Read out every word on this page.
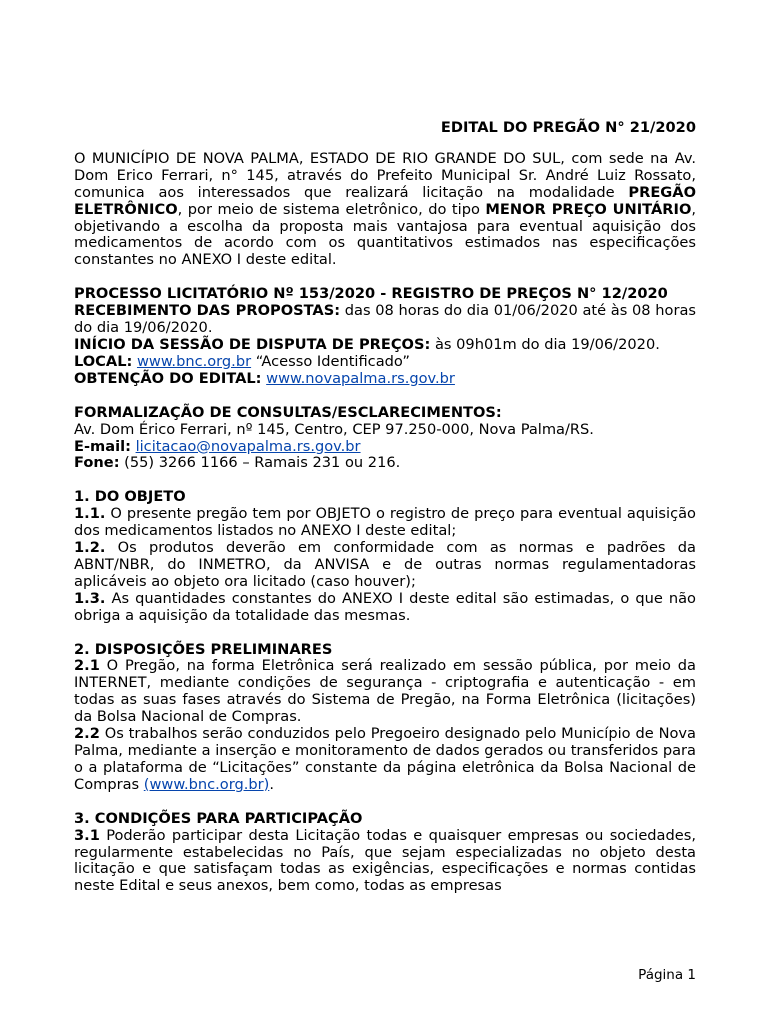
EDITAL DO PREGÃO N° 21/2020

O MUNICÍPIO DE NOVA PALMA, ESTADO DE RIO GRANDE DO SUL, com sede na Av. Dom Erico Ferrari, n° 145, através do Prefeito Municipal Sr. André Luiz Rossato, comunica aos interessados que realizará licitação na modalidade PREGÃO ELETRÔNICO, por meio de sistema eletrônico, do tipo MENOR PREÇO UNITÁRIO, objetivando a escolha da proposta mais vantajosa para eventual aquisição dos medicamentos de acordo com os quantitativos estimados nas especificações constantes no ANEXO I deste edital.

PROCESSO LICITATÓRIO Nº 153/2020 - REGISTRO DE PREÇOS N° 12/2020

RECEBIMENTO DAS PROPOSTAS: das 08 horas do dia 01/06/2020 até às 08 horas do dia 19/06/2020.

INÍCIO DA SESSÃO DE DISPUTA DE PREÇOS: às 09h01m do dia 19/06/2020.

LOCAL: www.bnc.org.br “Acesso Identificado”

OBTENÇÃO DO EDITAL: www.novapalma.rs.gov.br

FORMALIZAÇÃO DE CONSULTAS/ESCLARECIMENTOS:

Av. Dom Érico Ferrari, nº 145, Centro, CEP 97.250-000, Nova Palma/RS.

E-mail: licitacao@novapalma.rs.gov.br

Fone: (55) 3266 1166 – Ramais 231 ou 216.

1. DO OBJETO

1.1. O presente pregão tem por OBJETO o registro de preço para eventual aquisição dos medicamentos listados no ANEXO I deste edital;

1.2. Os produtos deverão em conformidade com as normas e padrões da ABNT/NBR, do INMETRO, da ANVISA e de outras normas regulamentadoras aplicáveis ao objeto ora licitado (caso houver);

1.3. As quantidades constantes do ANEXO I deste edital são estimadas, o que não obriga a aquisição da totalidade das mesmas.

2. DISPOSIÇÕES PRELIMINARES

2.1 O Pregão, na forma Eletrônica será realizado em sessão pública, por meio da INTERNET, mediante condições de segurança - criptografia e autenticação - em todas as suas fases através do Sistema de Pregão, na Forma Eletrônica (licitações) da Bolsa Nacional de Compras.

2.2 Os trabalhos serão conduzidos pelo Pregoeiro designado pelo Município de Nova Palma, mediante a inserção e monitoramento de dados gerados ou transferidos para o a plataforma de “Licitações” constante da página eletrônica da Bolsa Nacional de Compras (www.bnc.org.br).

3. CONDIÇÕES PARA PARTICIPAÇÃO

3.1 Poderão participar desta Licitação todas e quaisquer empresas ou sociedades, regularmente estabelecidas no País, que sejam especializadas no objeto desta licitação e que satisfaçam todas as exigências, especificações e normas contidas neste Edital e seus anexos, bem como, todas as empresas

Página 1
